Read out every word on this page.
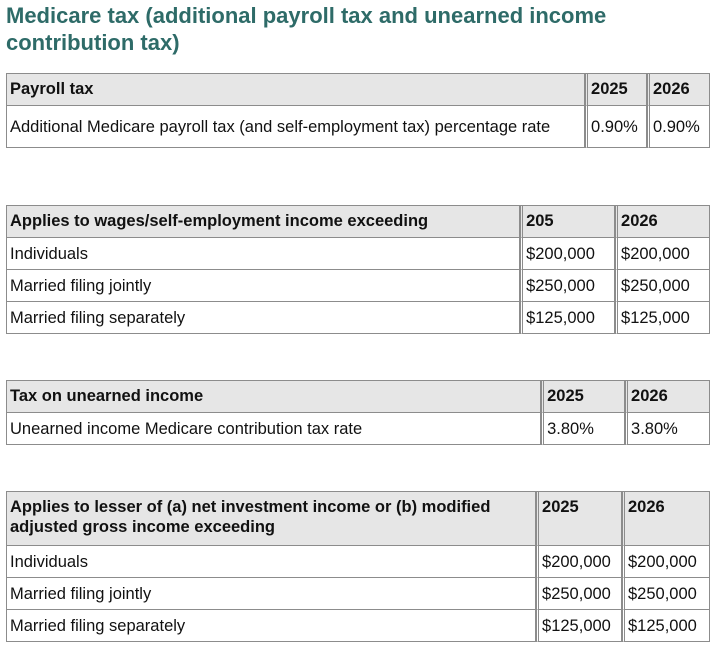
Medicare tax (additional payroll tax and unearned income contribution tax)
Payroll tax	2025	2026
Additional Medicare payroll tax (and self-employment tax) percentage rate	0.90%	0.90%
Applies to wages/self-employment income exceeding	205	2026
Individuals	$200,000	$200,000
Married filing jointly	$250,000	$250,000
Married filing separately	$125,000	$125,000
Tax on unearned income	2025	2026
Unearned income Medicare contribution tax rate	3.80%	3.80%
Applies to lesser of (a) net investment income or (b) modified adjusted gross income exceeding	2025	2026
Individuals	$200,000	$200,000
Married filing jointly	$250,000	$250,000
Married filing separately	$125,000	$125,000
